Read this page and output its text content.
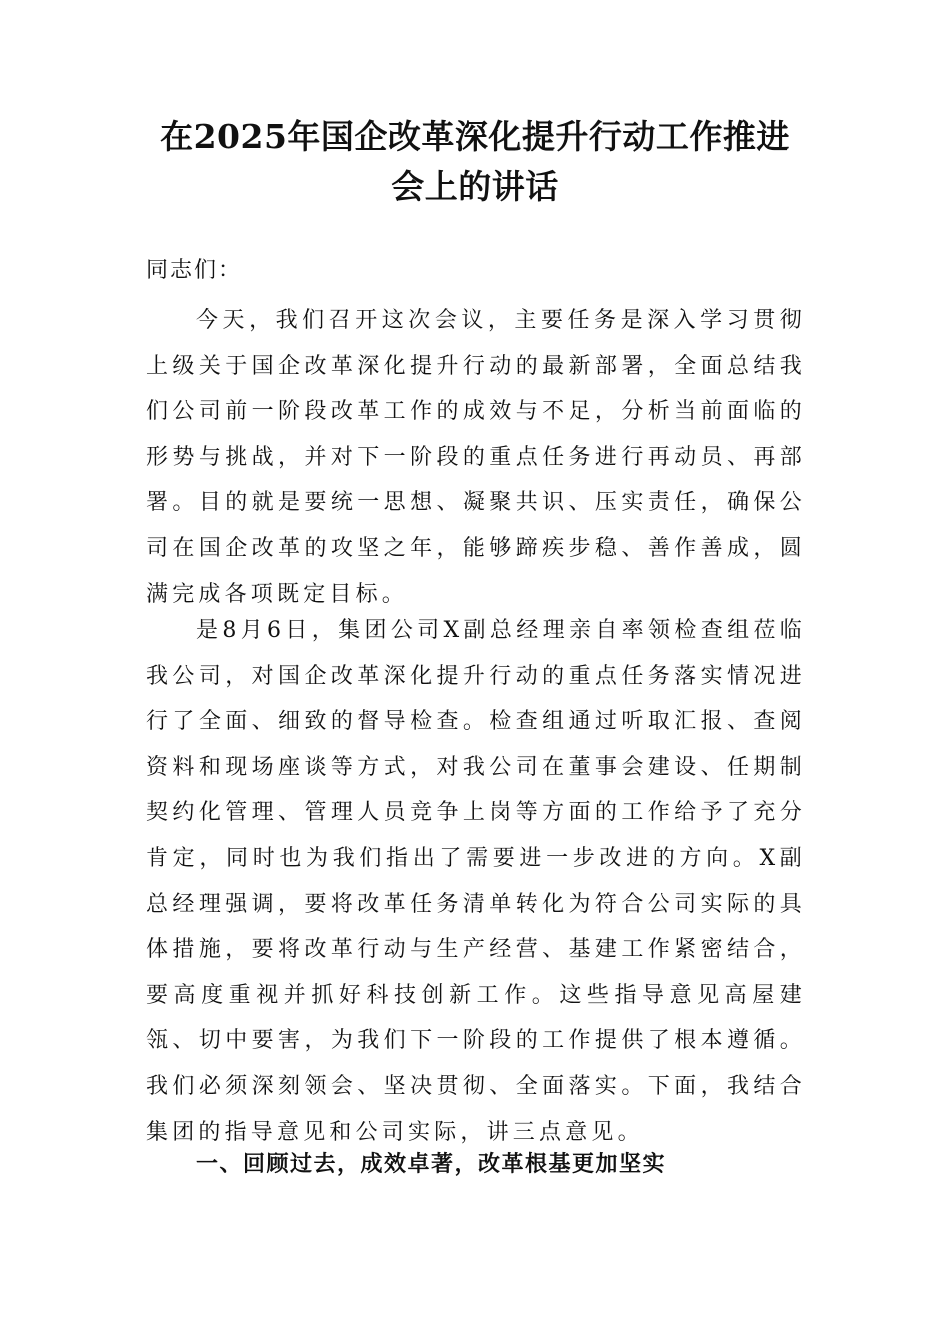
在2025年国企改革深化提升行动工作推进
会上的讲话
同志们：

今天，我们召开这次会议，主要任务是深入学习贯彻上级关于国企改革深化提升行动的最新部署，全面总结我们公司前一阶段改革工作的成效与不足，分析当前面临的形势与挑战，并对下一阶段的重点任务进行再动员、再部署。目的就是要统一思想、凝聚共识、压实责任，确保公司在国企改革的攻坚之年，能够蹄疾步稳、善作善成，圆满完成各项既定目标。

是8月6日，集团公司X副总经理亲自率领检查组莅临我公司，对国企改革深化提升行动的重点任务落实情况进行了全面、细致的督导检查。检查组通过听取汇报、查阅资料和现场座谈等方式，对我公司在董事会建设、任期制契约化管理、管理人员竞争上岗等方面的工作给予了充分肯定，同时也为我们指出了需要进一步改进的方向。X副总经理强调，要将改革任务清单转化为符合公司实际的具体措施，要将改革行动与生产经营、基建工作紧密结合，要高度重视并抓好科技创新工作。这些指导意见高屋建瓴、切中要害，为我们下一阶段的工作提供了根本遵循。我们必须深刻领会、坚决贯彻、全面落实。下面，我结合集团的指导意见和公司实际，讲三点意见。

一、回顾过去，成效卓著，改革根基更加坚实
